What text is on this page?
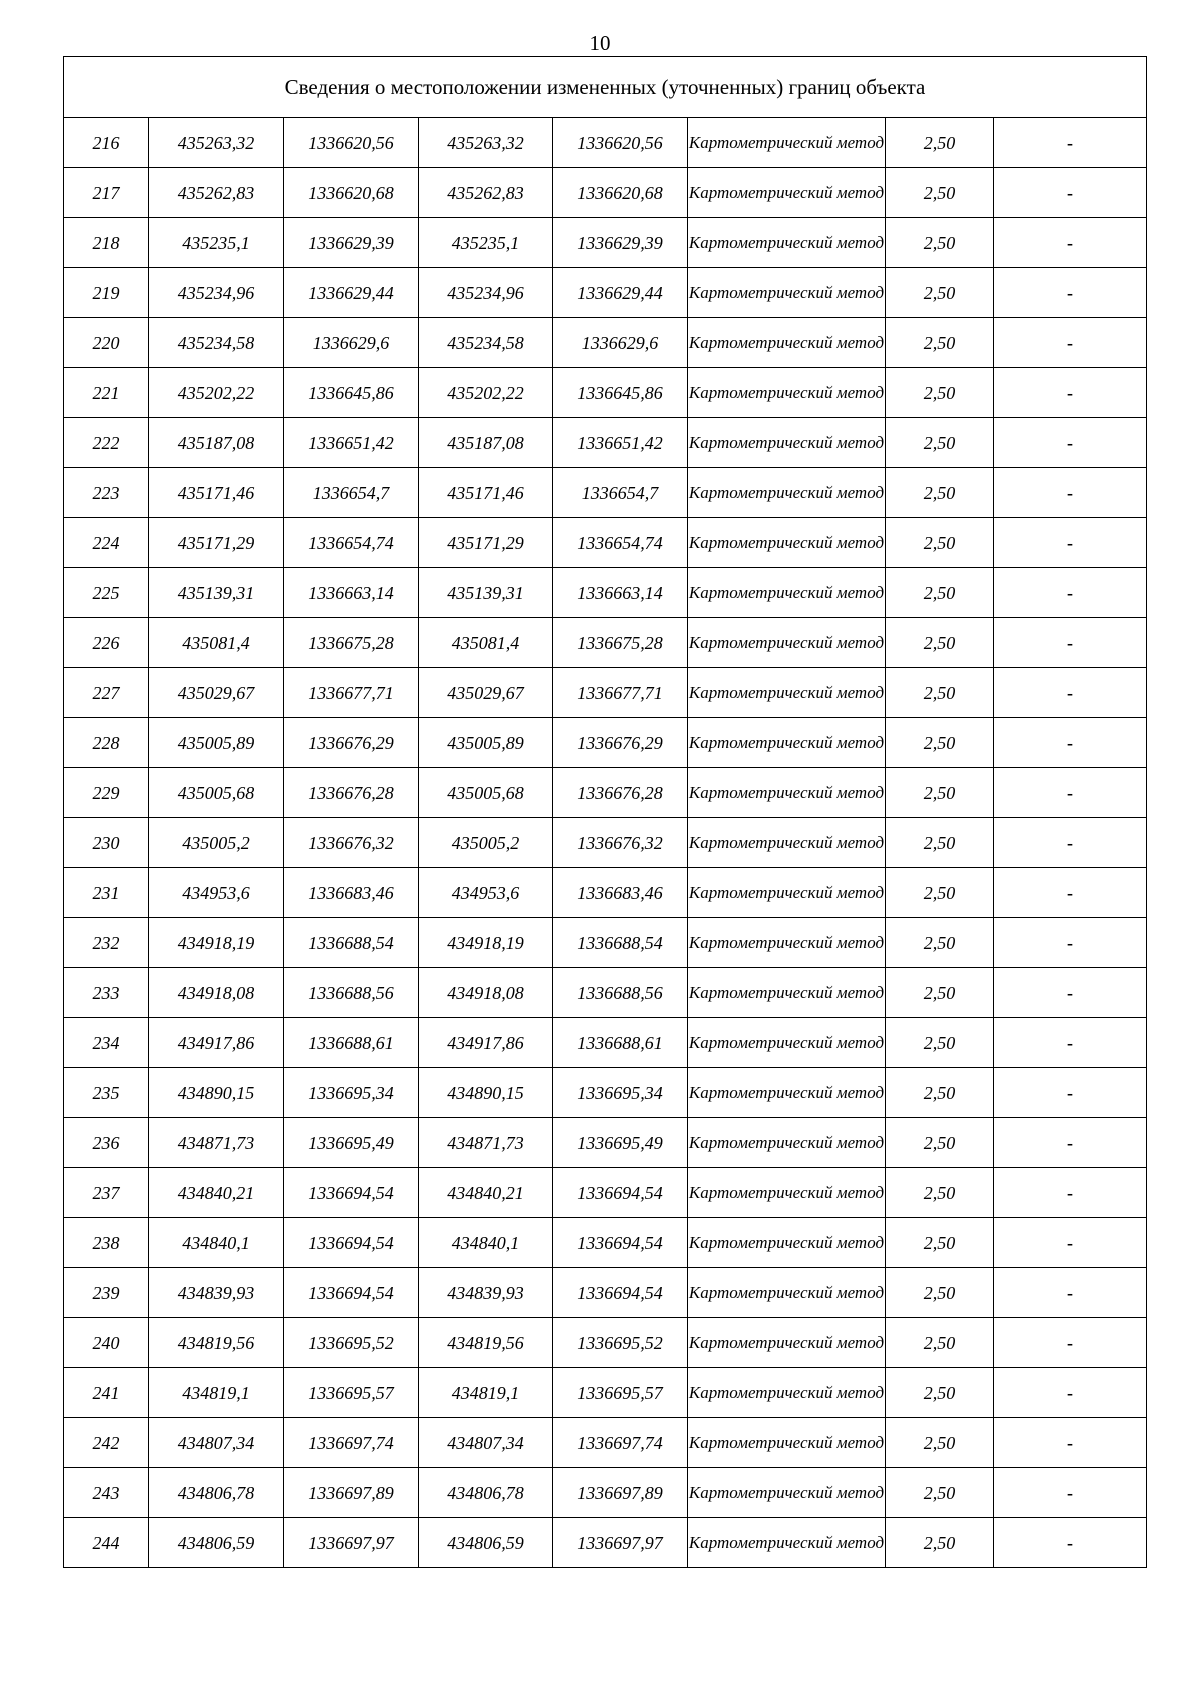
10
Сведения о местоположении измененных (уточненных) границ объекта							
216	435263,32	1336620,56	435263,32	1336620,56	Картометрический метод	2,50	-
217	435262,83	1336620,68	435262,83	1336620,68	Картометрический метод	2,50	-
218	435235,1	1336629,39	435235,1	1336629,39	Картометрический метод	2,50	-
219	435234,96	1336629,44	435234,96	1336629,44	Картометрический метод	2,50	-
220	435234,58	1336629,6	435234,58	1336629,6	Картометрический метод	2,50	-
221	435202,22	1336645,86	435202,22	1336645,86	Картометрический метод	2,50	-
222	435187,08	1336651,42	435187,08	1336651,42	Картометрический метод	2,50	-
223	435171,46	1336654,7	435171,46	1336654,7	Картометрический метод	2,50	-
224	435171,29	1336654,74	435171,29	1336654,74	Картометрический метод	2,50	-
225	435139,31	1336663,14	435139,31	1336663,14	Картометрический метод	2,50	-
226	435081,4	1336675,28	435081,4	1336675,28	Картометрический метод	2,50	-
227	435029,67	1336677,71	435029,67	1336677,71	Картометрический метод	2,50	-
228	435005,89	1336676,29	435005,89	1336676,29	Картометрический метод	2,50	-
229	435005,68	1336676,28	435005,68	1336676,28	Картометрический метод	2,50	-
230	435005,2	1336676,32	435005,2	1336676,32	Картометрический метод	2,50	-
231	434953,6	1336683,46	434953,6	1336683,46	Картометрический метод	2,50	-
232	434918,19	1336688,54	434918,19	1336688,54	Картометрический метод	2,50	-
233	434918,08	1336688,56	434918,08	1336688,56	Картометрический метод	2,50	-
234	434917,86	1336688,61	434917,86	1336688,61	Картометрический метод	2,50	-
235	434890,15	1336695,34	434890,15	1336695,34	Картометрический метод	2,50	-
236	434871,73	1336695,49	434871,73	1336695,49	Картометрический метод	2,50	-
237	434840,21	1336694,54	434840,21	1336694,54	Картометрический метод	2,50	-
238	434840,1	1336694,54	434840,1	1336694,54	Картометрический метод	2,50	-
239	434839,93	1336694,54	434839,93	1336694,54	Картометрический метод	2,50	-
240	434819,56	1336695,52	434819,56	1336695,52	Картометрический метод	2,50	-
241	434819,1	1336695,57	434819,1	1336695,57	Картометрический метод	2,50	-
242	434807,34	1336697,74	434807,34	1336697,74	Картометрический метод	2,50	-
243	434806,78	1336697,89	434806,78	1336697,89	Картометрический метод	2,50	-
244	434806,59	1336697,97	434806,59	1336697,97	Картометрический метод	2,50	-
